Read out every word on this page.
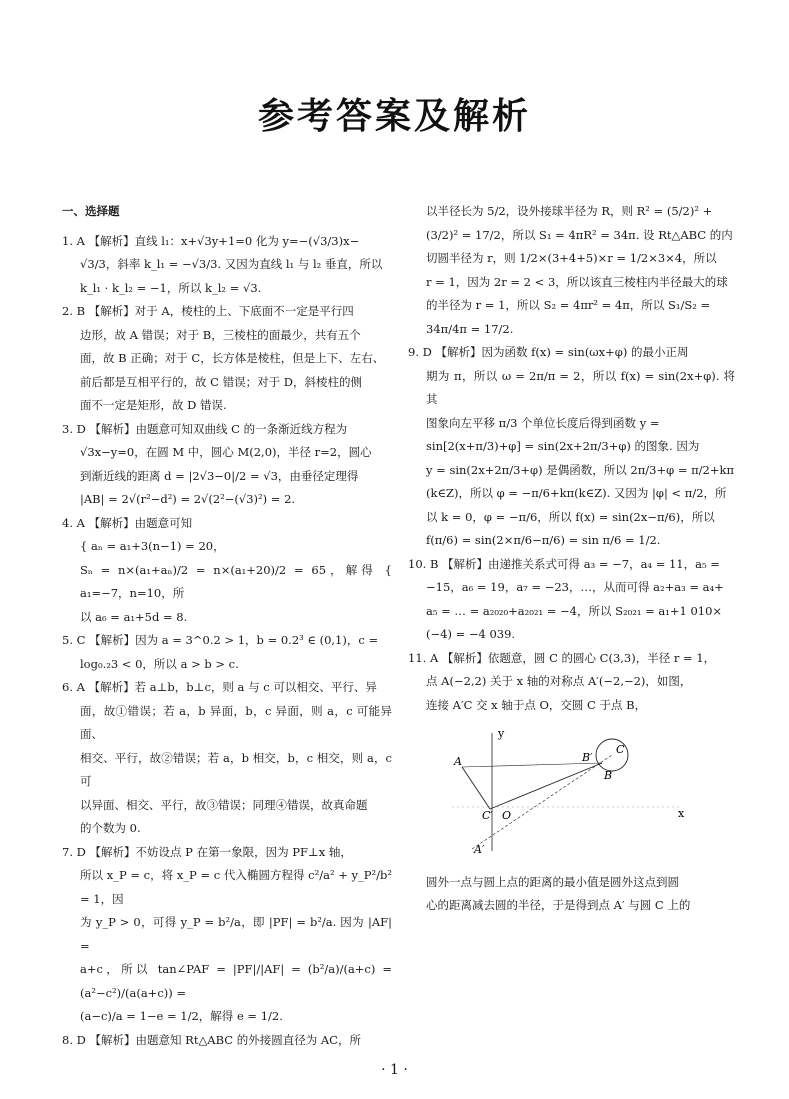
参考答案及解析
一、选择题

1. A 【解析】直线 l₁：x+√3y+1=0 化为 y=−(√3/3)x−

√3/3，斜率 k_l₁ = −√3/3. 又因为直线 l₁ 与 l₂ 垂直，所以

k_l₁ · k_l₂ = −1，所以 k_l₂ = √3.

2. B 【解析】对于 A，棱柱的上、下底面不一定是平行四

边形，故 A 错误；对于 B，三棱柱的面最少，共有五个

面，故 B 正确；对于 C，长方体是棱柱，但是上下、左右、

前后都是互相平行的，故 C 错误；对于 D，斜棱柱的侧

面不一定是矩形，故 D 错误.

3. D 【解析】由题意可知双曲线 C 的一条渐近线方程为

√3x−y=0，在圆 M 中，圆心 M(2,0)，半径 r=2，圆心

到渐近线的距离 d = |2√3−0|/2 = √3，由垂径定理得

|AB| = 2√(r²−d²) = 2√(2²−(√3)²) = 2.

4. A 【解析】由题意可知

{ aₙ = a₁+3(n−1) = 20，

Sₙ = n×(a₁+aₙ)/2 = n×(a₁+20)/2 = 65，解得 { a₁=−7，n=10，所

以 a₆ = a₁+5d = 8.

5. C 【解析】因为 a = 3^0.2 > 1，b = 0.2³ ∈ (0,1)，c =

log₀.₂3 < 0，所以 a > b > c.

6. A 【解析】若 a⊥b，b⊥c，则 a 与 c 可以相交、平行、异

面，故①错误；若 a，b 异面，b，c 异面，则 a，c 可能异面、

相交、平行，故②错误；若 a，b 相交，b，c 相交，则 a，c 可

以异面、相交、平行，故③错误；同理④错误，故真命题

的个数为 0.

7. D 【解析】不妨设点 P 在第一象限，因为 PF⊥x 轴，

所以 x_P = c，将 x_P = c 代入椭圆方程得 c²/a² + y_P²/b² = 1，因

为 y_P > 0，可得 y_P = b²/a，即 |PF| = b²/a. 因为 |AF| =

a+c，所以 tan∠PAF = |PF|/|AF| = (b²/a)/(a+c) = (a²−c²)/(a(a+c)) =

(a−c)/a = 1−e = 1/2，解得 e = 1/2.

8. D 【解析】由题意知 Rt△ABC 的外接圆直径为 AC，所

以半径长为 5/2，设外接球半径为 R，则 R² = (5/2)² +

(3/2)² = 17/2，所以 S₁ = 4πR² = 34π. 设 Rt△ABC 的内

切圆半径为 r，则 1/2×(3+4+5)×r = 1/2×3×4，所以

r = 1，因为 2r = 2 < 3，所以该直三棱柱内半径最大的球

的半径为 r = 1，所以 S₂ = 4πr² = 4π，所以 S₁/S₂ =

34π/4π = 17/2.

9. D 【解析】因为函数 f(x) = sin(ωx+φ) 的最小正周

期为 π，所以 ω = 2π/π = 2，所以 f(x) = sin(2x+φ). 将其

图象向左平移 π/3 个单位长度后得到函数 y =

sin[2(x+π/3)+φ] = sin(2x+2π/3+φ) 的图象. 因为

y = sin(2x+2π/3+φ) 是偶函数，所以 2π/3+φ = π/2+kπ

(k∈Z)，所以 φ = −π/6+kπ(k∈Z). 又因为 |φ| < π/2，所

以 k = 0，φ = −π/6，所以 f(x) = sin(2x−π/6)，所以

f(π/6) = sin(2×π/6−π/6) = sin π/6 = 1/2.

10. B 【解析】由递推关系式可得 a₃ = −7，a₄ = 11，a₅ =

−15，a₆ = 19，a₇ = −23，…，从而可得 a₂+a₃ = a₄+

a₅ = … = a₂₀₂₀+a₂₀₂₁ = −4，所以 S₂₀₂₁ = a₁+1 010×

(−4) = −4 039.

11. A 【解析】依题意，圆 C 的圆心 C(3,3)，半径 r = 1，

点 A(−2,2) 关于 x 轴的对称点 A′(−2,−2)，如图，

连接 A′C 交 x 轴于点 O，交圆 C 于点 B，

y
x
A
B
B′
C
C′ O
A′

圆外一点与圆上点的距离的最小值是圆外这点到圆

心的距离减去圆的半径，于是得到点 A′ 与圆 C 上的

· 1 ·
